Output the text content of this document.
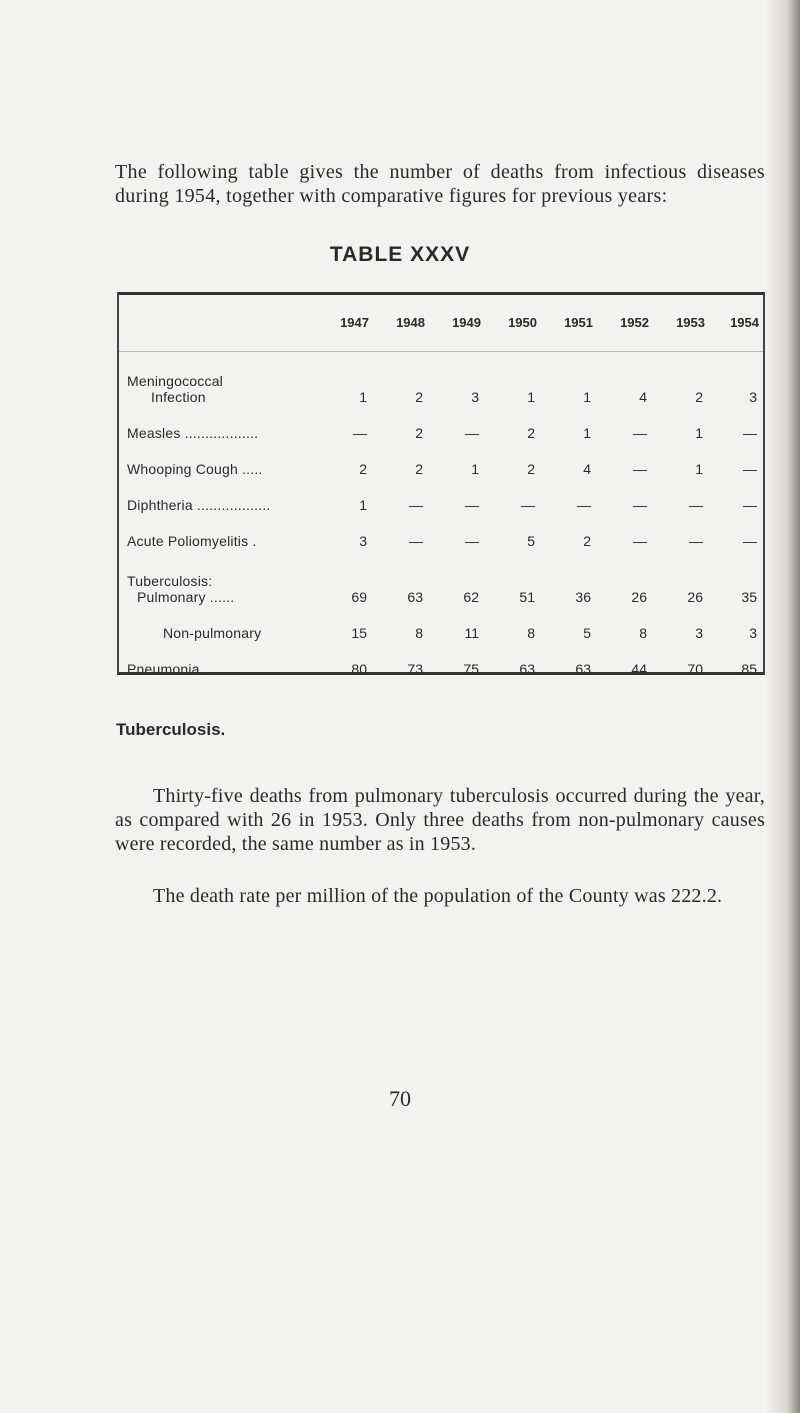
The following table gives the number of deaths from infectious diseases during 1954, together with comparative figures for previous years:

TABLE XXXV
	1947	1948	1949	1950	1951	1952	1953	1954

Meningococcal
Infection	1	2	3	1	1	4	2	3
Measles ..................	—	2	—	2	1	—	1	—
Whooping Cough .....	2	2	1	2	4	—	1	—
Diphtheria ..................	1	—	—	—	—	—	—	—
Acute Poliomyelitis .	3	—	—	5	2	—	—	—

Tuberculosis:
Pulmonary ......	69	63	62	51	36	26	26	35
Non-pulmonary	15	8	11	8	5	8	3	3
Pneumonia ..................	80	73	75	63	63	44	70	85
Tuberculosis.

Thirty-five deaths from pulmonary tuberculosis occurred during the year, as compared with 26 in 1953. Only three deaths from non-pulmonary causes were recorded, the same number as in 1953.

The death rate per million of the population of the County was 222.2.

70
